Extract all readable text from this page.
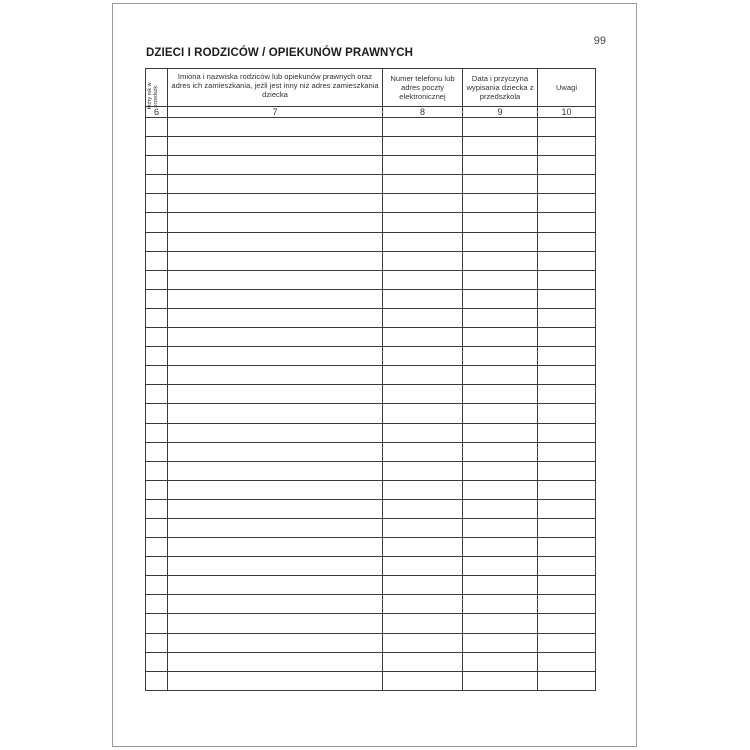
99
DZIECI I RODZICÓW / OPIEKUNÓW PRAWNYCH
Który rok w przedszk.	Imiona i nazwiska rodziców lub opiekunów prawnych oraz adres ich zamieszkania, jeżli jest inny niż adres zamieszkania dziecka	Numer telefonu lub adres poczty elektronicznej	Data i przyczyna wypisania dziecka z przedszkola	Uwagi
6	7	8	9	10
